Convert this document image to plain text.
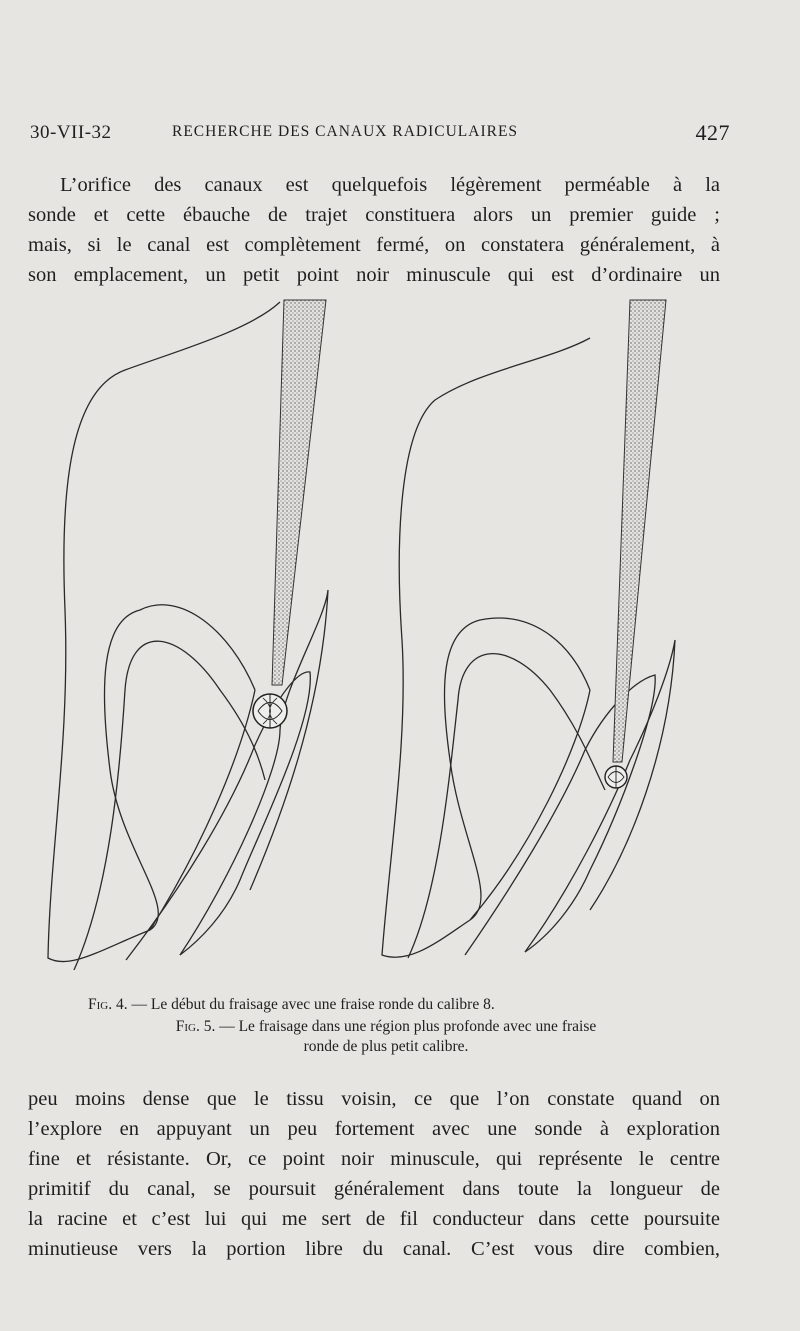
30-VII-32	RECHERCHE DES CANAUX RADICULAIRES	427
L’orifice des canaux est quelquefois légèrement perméable à la
sonde et cette ébauche de trajet constituera alors un premier guide ;
mais, si le canal est complètement fermé, on constatera généralement, à
son emplacement, un petit point noir minuscule qui est d’ordinaire un
Fig. 4. — Le début du fraisage avec une fraise ronde du calibre 8.
Fig. 5. — Le fraisage dans une région plus profonde avec une fraise
ronde de plus petit calibre.
peu moins dense que le tissu voisin, ce que l’on constate quand on
l’explore en appuyant un peu fortement avec une sonde à exploration
fine et résistante. Or, ce point noir minuscule, qui représente le centre
primitif du canal, se poursuit généralement dans toute la longueur de
la racine et c’est lui qui me sert de fil conducteur dans cette poursuite
minutieuse vers la portion libre du canal. C’est vous dire combien,
